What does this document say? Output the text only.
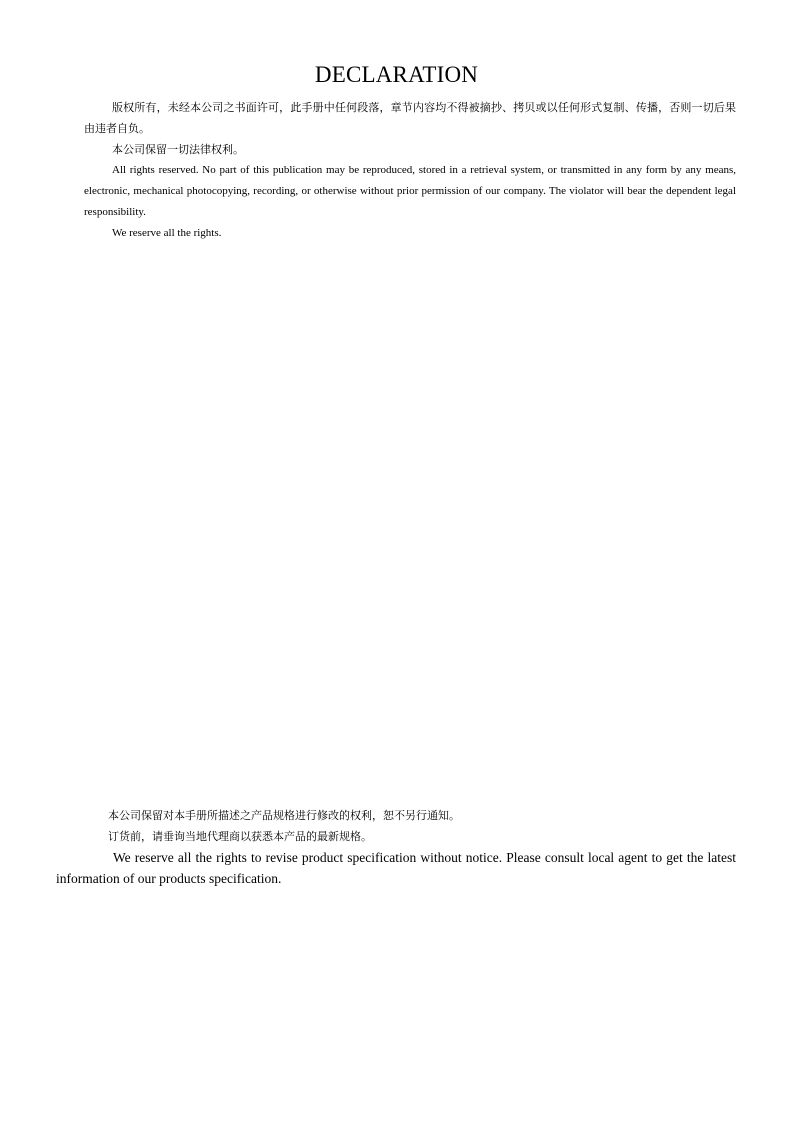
DECLARATION

版权所有，未经本公司之书面许可，此手册中任何段落，章节内容均不得被摘抄、拷贝或以任何形式复制、传播，否则一切后果由违者自负。

本公司保留一切法律权利。

All rights reserved. No part of this publication may be reproduced, stored in a retrieval system, or transmitted in any form by any means, electronic, mechanical photocopying, recording, or otherwise without prior permission of our company. The violator will bear the dependent legal responsibility.

We reserve all the rights.

本公司保留对本手册所描述之产品规格进行修改的权利，恕不另行通知。
订货前，请垂询当地代理商以获悉本产品的最新规格。
We reserve all the rights to revise product specification without notice. Please consult local agent to get the latest information of our products specification.
